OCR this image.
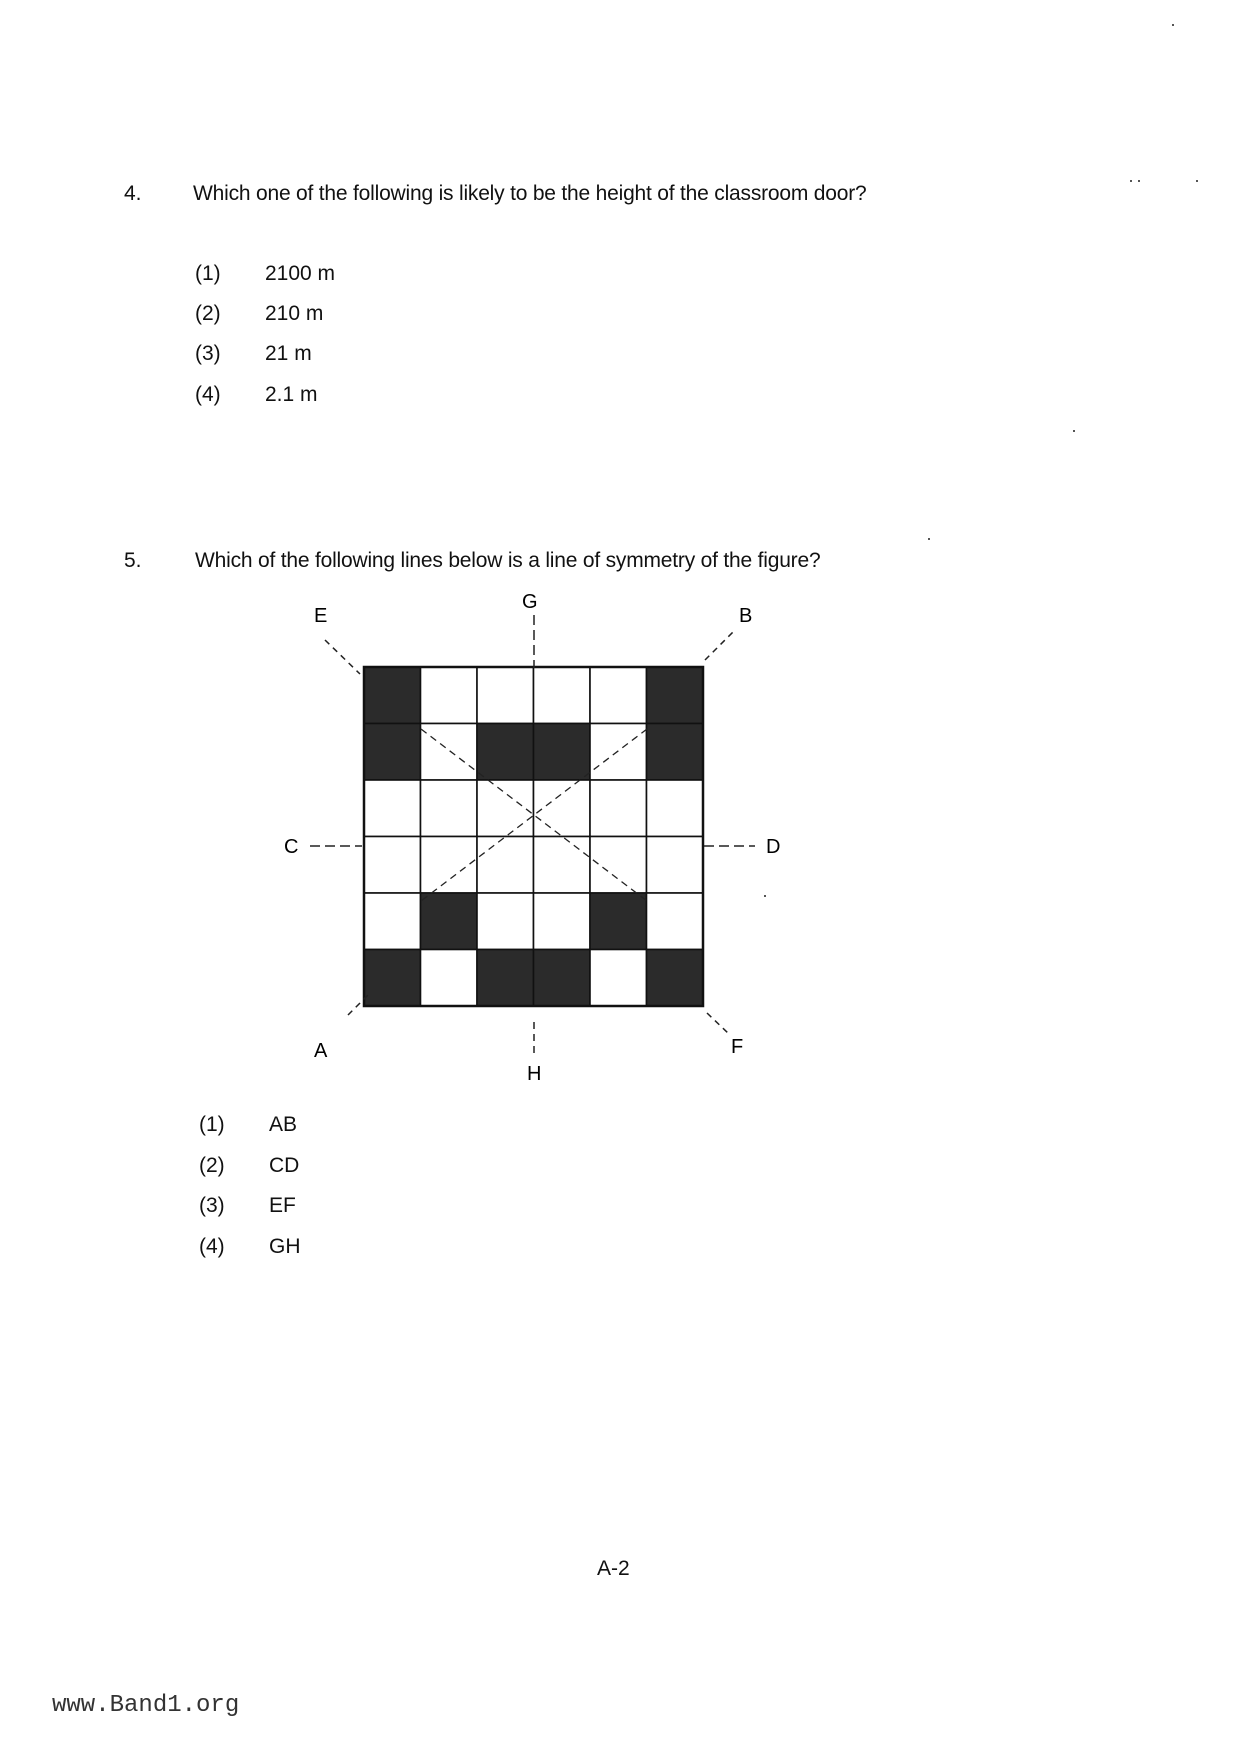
4. Which one of the following is likely to be the height of the classroom door?
(1) 2100 m
(2) 210 m
(3) 21 m
(4) 2.1 m
5.	Which of the following lines below is a line of symmetry of the figure?
E
G
B
C	D
A	F
H
(1) AB
(2) CD
(3) EF
(4) GH
A-2
www.Band1.org
